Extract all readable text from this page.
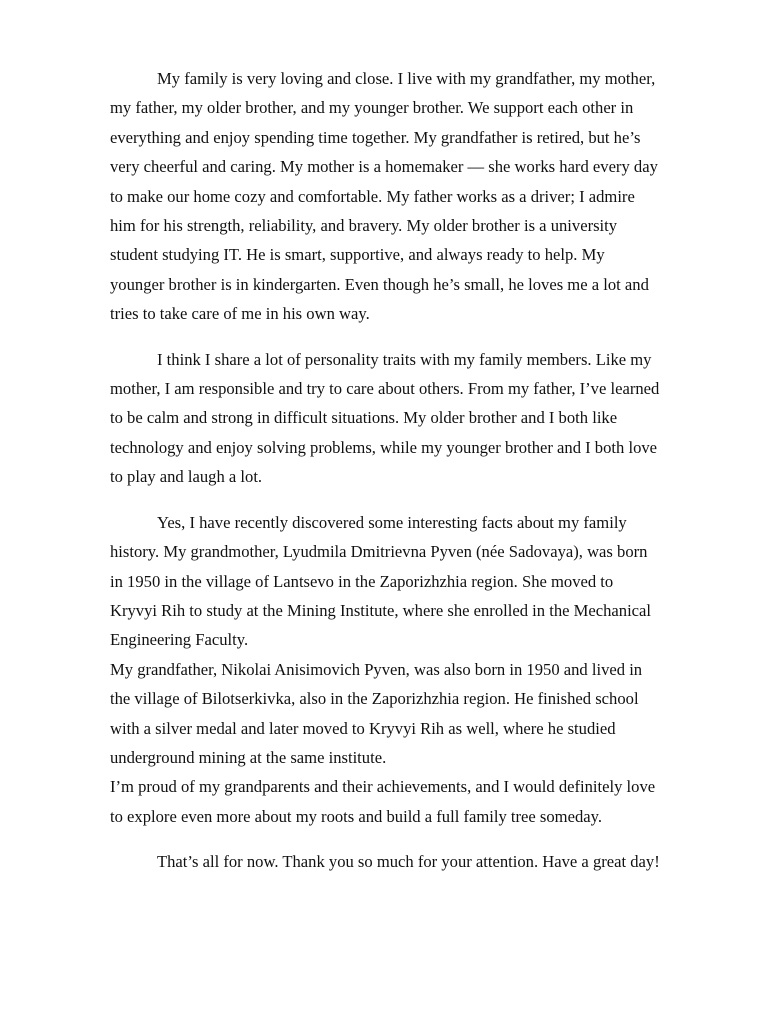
My family is very loving and close. I live with my grandfather, my mother,
my father, my older brother, and my younger brother. We support each other in
everything and enjoy spending time together. My grandfather is retired, but he’s
very cheerful and caring. My mother is a homemaker — she works hard every day
to make our home cozy and comfortable. My father works as a driver; I admire
him for his strength, reliability, and bravery. My older brother is a university
student studying IT. He is smart, supportive, and always ready to help. My
younger brother is in kindergarten. Even though he’s small, he loves me a lot and
tries to take care of me in his own way.

I think I share a lot of personality traits with my family members. Like my
mother, I am responsible and try to care about others. From my father, I’ve learned
to be calm and strong in difficult situations. My older brother and I both like
technology and enjoy solving problems, while my younger brother and I both love
to play and laugh a lot.

Yes, I have recently discovered some interesting facts about my family
history. My grandmother, Lyudmila Dmitrievna Pyven (née Sadovaya), was born
in 1950 in the village of Lantsevo in the Zaporizhzhia region. She moved to
Kryvyi Rih to study at the Mining Institute, where she enrolled in the Mechanical
Engineering Faculty.
My grandfather, Nikolai Anisimovich Pyven, was also born in 1950 and lived in
the village of Bilotserkivka, also in the Zaporizhzhia region. He finished school
with a silver medal and later moved to Kryvyi Rih as well, where he studied
underground mining at the same institute.
I’m proud of my grandparents and their achievements, and I would definitely love
to explore even more about my roots and build a full family tree someday.

That’s all for now. Thank you so much for your attention. Have a great day!
